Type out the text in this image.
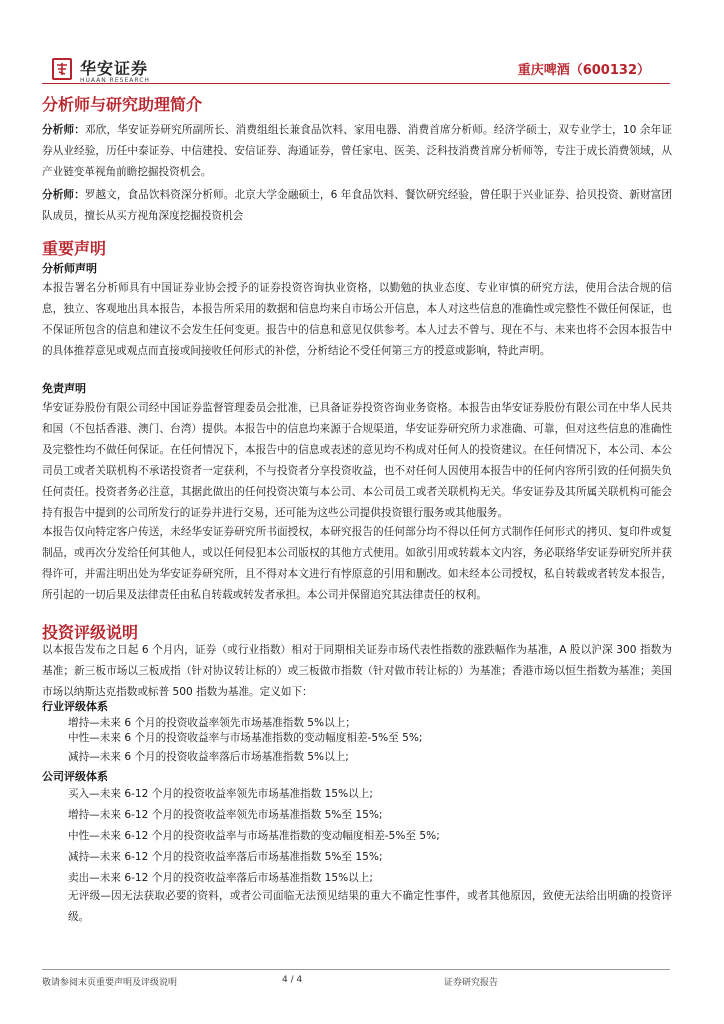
华安证券
HUAAN RESEARCH
重庆啤酒（600132）
分析师与研究助理简介
分析师：邓欣，华安证券研究所副所长、消费组组长兼食品饮料、家用电器、消费首席分析师。经济学硕士，双专业学士，10 余年证券从业经验，历任中泰证券、中信建投、安信证券、海通证券，曾任家电、医美、泛科技消费首席分析师等，专注于成长消费领域，从产业链变革视角前瞻挖掘投资机会。
分析师：罗越文，食品饮料资深分析师。北京大学金融硕士，6 年食品饮料、餐饮研究经验，曾任职于兴业证券、拾贝投资、新财富团队成员，擅长从买方视角深度挖掘投资机会
重要声明
分析师声明
本报告署名分析师具有中国证券业协会授予的证券投资咨询执业资格，以勤勉的执业态度、专业审慎的研究方法，使用合法合规的信息，独立、客观地出具本报告，本报告所采用的数据和信息均来自市场公开信息，本人对这些信息的准确性或完整性不做任何保证，也不保证所包含的信息和建议不会发生任何变更。报告中的信息和意见仅供参考。本人过去不曾与、现在不与、未来也将不会因本报告中的具体推荐意见或观点而直接或间接收任何形式的补偿，分析结论不受任何第三方的授意或影响，特此声明。
免责声明
华安证券股份有限公司经中国证券监督管理委员会批准，已具备证券投资咨询业务资格。本报告由华安证券股份有限公司在中华人民共和国（不包括香港、澳门、台湾）提供。本报告中的信息均来源于合规渠道，华安证券研究所力求准确、可靠，但对这些信息的准确性及完整性均不做任何保证。在任何情况下，本报告中的信息或表述的意见均不构成对任何人的投资建议。在任何情况下，本公司、本公司员工或者关联机构不承诺投资者一定获利，不与投资者分享投资收益，也不对任何人因使用本报告中的任何内容所引致的任何损失负任何责任。投资者务必注意，其据此做出的任何投资决策与本公司、本公司员工或者关联机构无关。华安证券及其所属关联机构可能会持有报告中提到的公司所发行的证券并进行交易，还可能为这些公司提供投资银行服务或其他服务。
本报告仅向特定客户传送，未经华安证券研究所书面授权，本研究报告的任何部分均不得以任何方式制作任何形式的拷贝、复印件或复制品，或再次分发给任何其他人，或以任何侵犯本公司版权的其他方式使用。如欲引用或转载本文内容，务必联络华安证券研究所并获得许可，并需注明出处为华安证券研究所，且不得对本文进行有悖原意的引用和删改。如未经本公司授权，私自转载或者转发本报告，所引起的一切后果及法律责任由私自转载或转发者承担。本公司并保留追究其法律责任的权利。
投资评级说明
以本报告发布之日起 6 个月内，证券（或行业指数）相对于同期相关证券市场代表性指数的涨跌幅作为基准，A 股以沪深 300 指数为基准；新三板市场以三板成指（针对协议转让标的）或三板做市指数（针对做市转让标的）为基准；香港市场以恒生指数为基准；美国市场以纳斯达克指数或标普 500 指数为基准。定义如下：
行业评级体系
增持—未来 6 个月的投资收益率领先市场基准指数 5%以上；
中性—未来 6 个月的投资收益率与市场基准指数的变动幅度相差-5%至 5%;
减持—未来 6 个月的投资收益率落后市场基准指数 5%以上;
公司评级体系
买入—未来 6-12 个月的投资收益率领先市场基准指数 15%以上;
增持—未来 6-12 个月的投资收益率领先市场基准指数 5%至 15%;
中性—未来 6-12 个月的投资收益率与市场基准指数的变动幅度相差-5%至 5%;
减持—未来 6-12 个月的投资收益率落后市场基准指数 5%至 15%;
卖出—未来 6-12 个月的投资收益率落后市场基准指数 15%以上;
无评级—因无法获取必要的资料，或者公司面临无法预见结果的重大不确定性事件，或者其他原因，致使无法给出明确的投资评级。
敬请参阅末页重要声明及评级说明	4 / 4	证券研究报告
